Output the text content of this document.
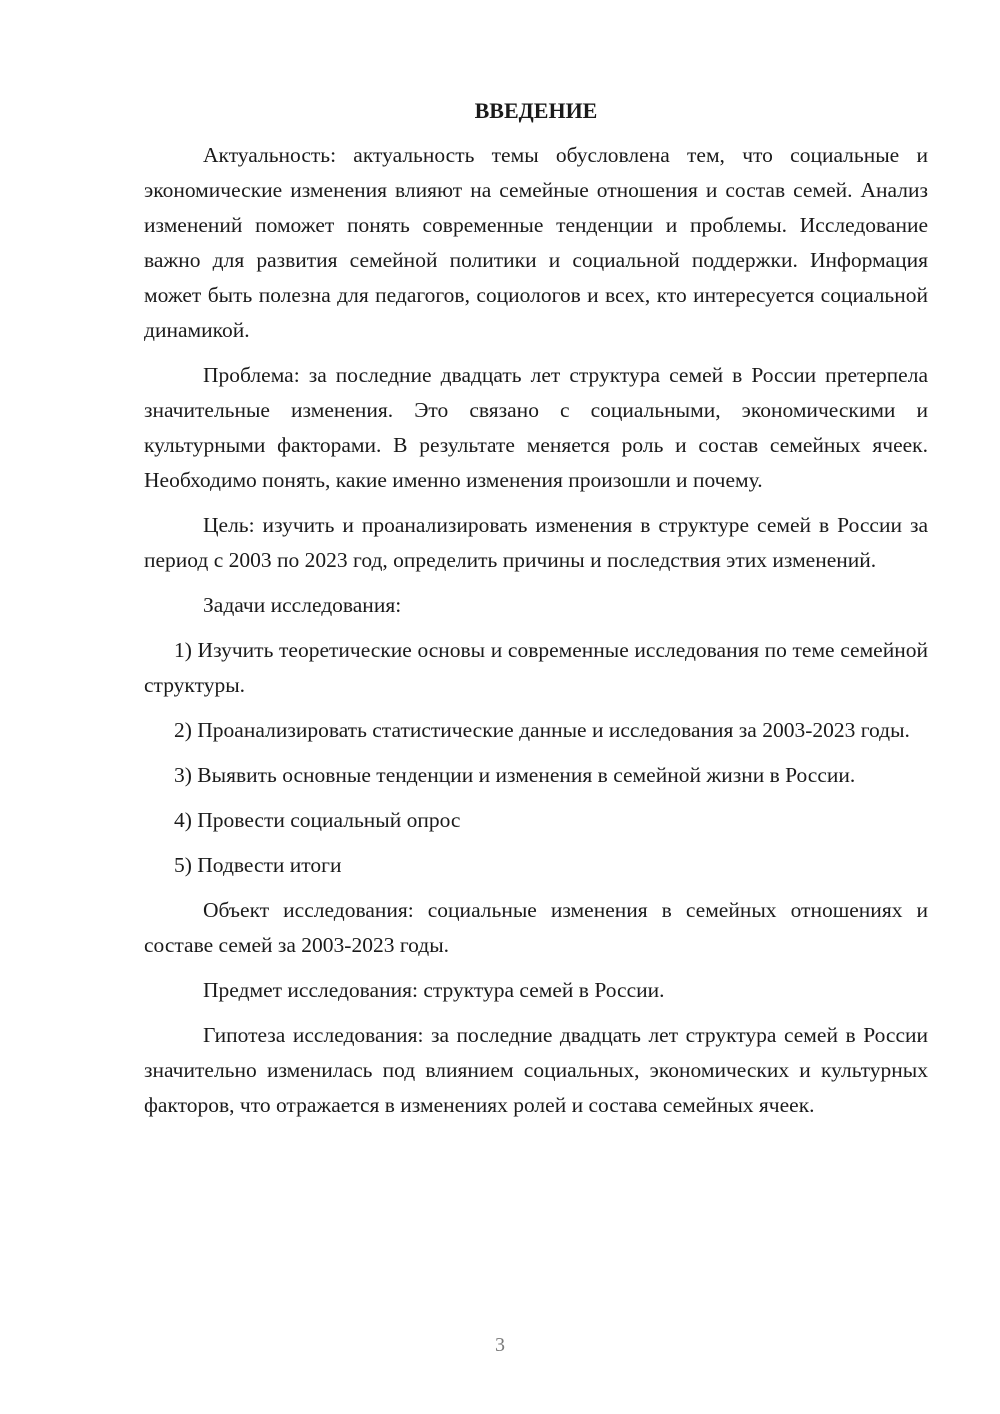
ВВЕДЕНИЕ

Актуальность: актуальность темы обусловлена тем, что социальные и экономические изменения влияют на семейные отношения и состав семей. Анализ изменений поможет понять современные тенденции и проблемы. Исследование важно для развития семейной политики и социальной поддержки. Информация может быть полезна для педагогов, социологов и всех, кто интересуется социальной динамикой.

Проблема: за последние двадцать лет структура семей в России претерпела значительные изменения. Это связано с социальными, экономическими и культурными факторами. В результате меняется роль и состав семейных ячеек. Необходимо понять, какие именно изменения произошли и почему.

Цель: изучить и проанализировать изменения в структуре семей в России за период с 2003 по 2023 год, определить причины и последствия этих изменений.

Задачи исследования:

1) Изучить теоретические основы и современные исследования по теме семейной структуры.

2) Проанализировать статистические данные и исследования за 2003-2023 годы.

3) Выявить основные тенденции и изменения в семейной жизни в России.

4) Провести социальный опрос

5) Подвести итоги

Объект исследования: социальные изменения в семейных отношениях и составе семей за 2003-2023 годы.

Предмет исследования: структура семей в России.

Гипотеза исследования: за последние двадцать лет структура семей в России значительно изменилась под влиянием социальных, экономических и культурных факторов, что отражается в изменениях ролей и состава семейных ячеек.

3
